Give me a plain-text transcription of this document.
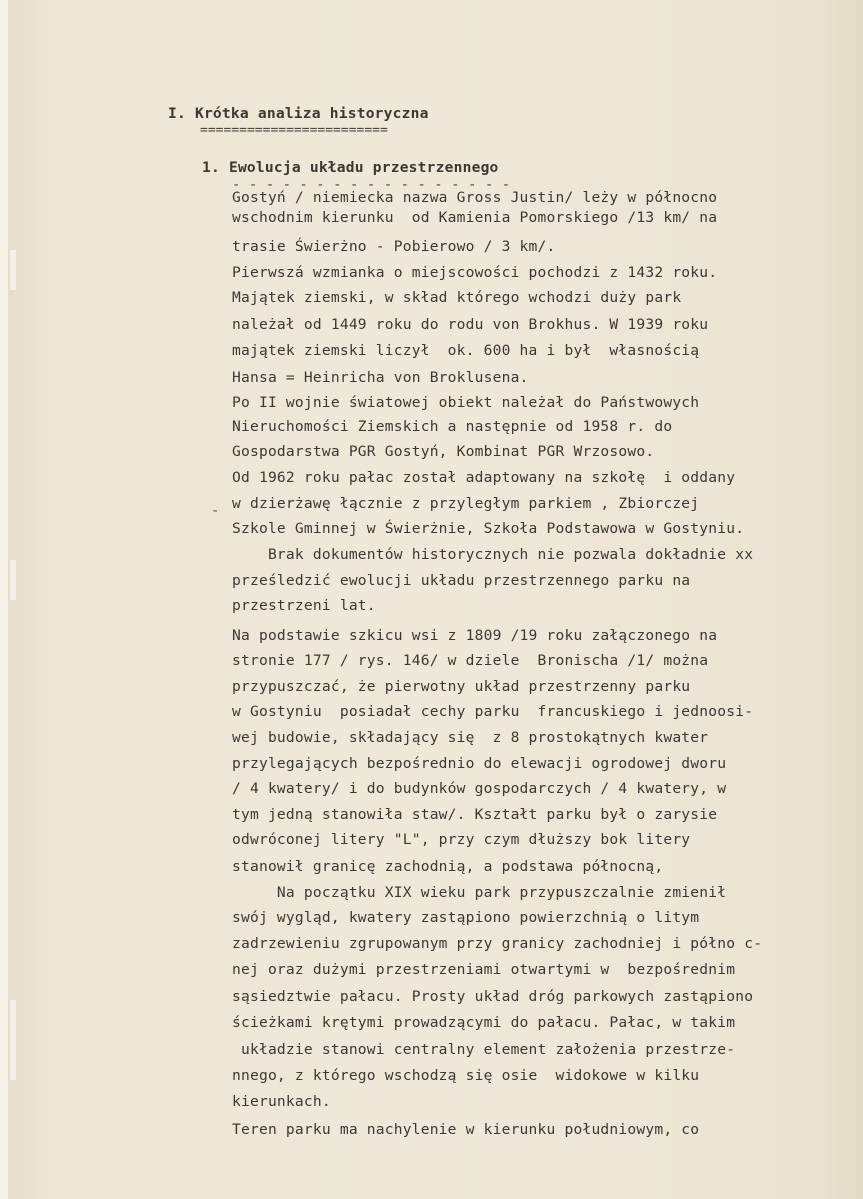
I. Krótka analiza historyczna
========================
1. Ewolucja układu przestrzennego
- - - - - - - - - - - - - - - - -
-
Gostyń / niemiecka nazwa Gross Justin/ leży w północno
wschodnim kierunku  od Kamienia Pomorskiego /13 km/ na
trasie Świerżno - Pobierowo / 3 km/.
Pierwszá wzmianka o miejscowości pochodzi z 1432 roku.
Majątek ziemski, w skład którego wchodzi duży park
należał od 1449 roku do rodu von Brokhus. W 1939 roku
majątek ziemski liczył  ok. 600 ha i był  własnością
Hansa = Heinricha von Broklusena.
Po II wojnie światowej obiekt należał do Państwowych
Nieruchomości Ziemskich a następnie od 1958 r. do
Gospodarstwa PGR Gostyń, Kombinat PGR Wrzosowo.
Od 1962 roku pałac został adaptowany na szkołę  i oddany
w dzierżawę łącznie z przyległym parkiem , Zbiorczej
Szkole Gminnej w Świerżnie, Szkoła Podstawowa w Gostyniu.
Brak dokumentów historycznych nie pozwala dokładnie xx
prześledzić ewolucji układu przestrzennego parku na
przestrzeni lat.
Na podstawie szkicu wsi z 1809 /19 roku załączonego na
stronie 177 / rys. 146/ w dziele  Bronischa /1/ można
przypuszczać, że pierwotny układ przestrzenny parku
w Gostyniu  posiadał cechy parku  francuskiego i jednoosi-
wej budowie, składający się  z 8 prostokątnych kwater
przylegających bezpośrednio do elewacji ogrodowej dworu
/ 4 kwatery/ i do budynków gospodarczych / 4 kwatery, w
tym jedną stanowiła staw/. Kształt parku był o zarysie
odwróconej litery "L", przy czym dłuższy bok litery
stanowił granicę zachodnią, a podstawa północną,
Na początku XIX wieku park przypuszczalnie zmienił
swój wygląd, kwatery zastąpiono powierzchnią o litym
zadrzewieniu zgrupowanym przy granicy zachodniej i półno c-
nej oraz dużymi przestrzeniami otwartymi w  bezpośrednim
sąsiedztwie pałacu. Prosty układ dróg parkowych zastąpiono
ścieżkami krętymi prowadzącymi do pałacu. Pałac, w takim
układzie stanowi centralny element założenia przestrze-
nnego, z którego wschodzą się osie  widokowe w kilku
kierunkach.
Teren parku ma nachylenie w kierunku południowym, co
